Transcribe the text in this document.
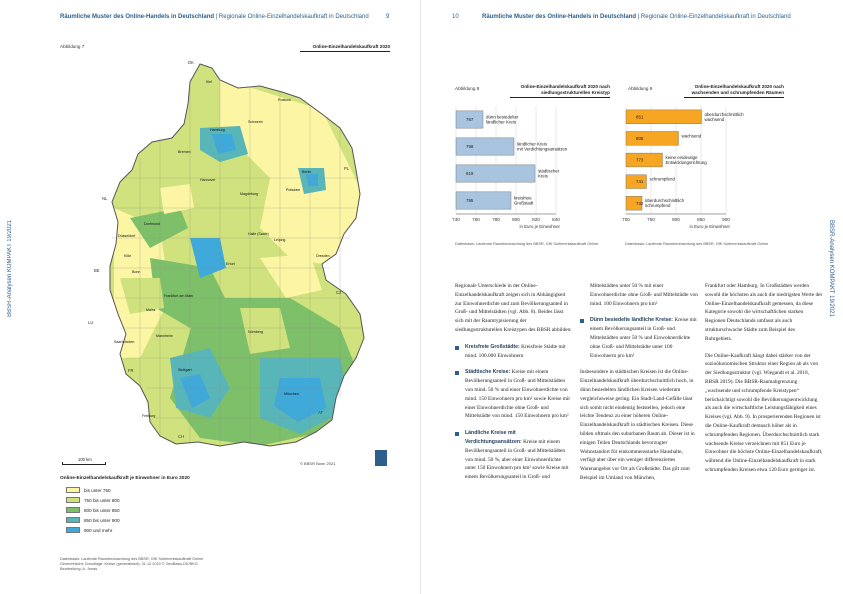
Räumliche Muster des Online-Handels in Deutschland | Regionale Online-Einzelhandelskaufkraft in Deutschland	9
BBSR-Analysen KOMPAKT 19/2021
Abbildung 7	Online-Einzelhandelskaufkraft 2020
DK
NL
BE
LU
FR
CH
AT
CZ
PL
Kiel
Rostock
Hamburg
Schwerin
Bremen
Berlin
Hannover
Potsdam
Magdeburg
Düsseldorf
Dortmund
Halle (Saale)
Leipzig
Dresden
Erfurt
Köln
Bonn
Frankfurt am Main
Mainz
Saarbrücken
Mannheim
Nürnberg
Stuttgart
München
Freiburg
100 km
© BBSR Bonn 2021
Online-Einzelhandelskaufkraft je Einwohner in Euro 2020
bis unter 750
750 bis unter 800
800 bis unter 850
850 bis unter 900
900 und mehr
Datenbasis: Laufende Raumbeobachtung des BBSR; GfK Sortimentskaufkraft Online
Geometrische Grundlage: Kreise (generalisiert), 31.12.2019 © GeoBasis-DE/BKG
Bearbeitung: A. Jonas
10	Räumliche Muster des Online-Handels in Deutschland | Regionale Online-Einzelhandelskaufkraft in Deutschland
BBSR-Analysen KOMPAKT 19/2021
Abbildung 8	Online-Einzelhandelskaufkraft 2020 nach siedlungsstrukturellen Kreistyp
740	760	780	800	820	840
767
dünn besiedelter ländlicher Kreis
798
ländlicher Kreis mit Verdichtungsansätzen
819
städtischer Kreis
795
kreisfreie Großstadt
in Euro je Einwohner
Datenbasis: Laufende Raumbeobachtung des BBSR, GfK Sortimentskaufkraft Online
Abbildung 9	Online-Einzelhandelskaufkraft 2020 nach wachsenden und schrumpfenden Räumen
700	750	800	850	900
851
überdurchschnittlich wachsend
805
wachsend
773
keine eindeutige Entwicklungsrichtung
741
schrumpfend
732
überdurchschnittlich schrumpfend
in Euro je Einwohner
Datenbasis: Laufende Raumbeobachtung des BBSR, GfK Sortimentskaufkraft Online

Regionale Unterschiede in der Online-Einzelhandelskaufkraft zeigen sich in Abhängigkeit zur Einwohnerdichte und zum Bevölkerungsanteil in Groß- und Mittelstädten (vgl. Abb. 8). Beides lässt sich mit der Raumtypisierung der siedlungsstrukturellen Kreistypen des BBSR abbilden:

Kreisfreie Großstädte: Kreisfreie Städte mit mind. 100.000 Einwohnern
Städtische Kreise: Kreise mit einem Bevölkerungsanteil in Groß- und Mittelstädten von mind. 50 % und einer Einwohnerdichte von mind. 150 Einwohnern pro km² sowie Kreise mit einer Einwohnerdichte ohne Groß- und Mittelstädte von mind. 150 Einwohnern pro km²
Ländliche Kreise mit Verdichtungsansätzen: Kreise mit einem Bevölkerungsanteil in Groß- und Mittelstädten von mind. 50 %, aber einer Einwohnerdichte unter 150 Einwohnern pro km² sowie Kreise mit einem Bevölkerungsanteil in Groß- und

Mittelstädten unter 50 % mit einer Einwohnerdichte ohne Groß- und Mittelstädte von mind. 100 Einwohnern pro km²

Dünn besiedelte ländliche Kreise: Kreise mit einem Bevölkerungsanteil in Groß- und Mittelstädten unter 50 % und Einwohnerdichte ohne Groß- und Mittelstädte unter 100 Einwohnern pro km²

Insbesondere in städtischen Kreisen ist die Online-Einzelhandelskaufkraft überdurchschnittlich hoch, in dünn besiedelten ländlichen Kreisen wiederum vergleichsweise gering. Ein Stadt-Land-Gefälle lässt sich somit nicht eindeutig feststellen, jedoch eine leichte Tendenz zu einer höheren Online-Einzelhandelskaufkraft in städtischen Kreisen. Diese bilden oftmals den suburbanen Raum ab. Dieser ist in einigen Teilen Deutschlands bevorzugter Wohnstandort für einkommensstarke Haushalte, verfügt aber über ein weniger differenziertes Warenangebot vor Ort als Großstädte. Das gilt zum Beispiel im Umland von München,

Frankfurt oder Hamburg. In Großstädten werden sowohl die höchsten als auch die niedrigsten Werte der Online-Einzelhandelskaufkraft gemessen, da diese Kategorie sowohl die wirtschaftlichen starken Regionen Deutschlands umfasst als auch strukturschwache Städte zum Beispiel des Ruhrgebiets.

Die Online-Kaufkraft hängt dabei stärker von der sozioökonomischen Struktur einer Region ab als von der Siedlungsstruktur (vgl. Wiegandt et al. 2018, BBSR 2019). Die BBSR-Raumabgrenzung „wachsende und schrumpfende Kreistypen“ berücksichtigt sowohl die Bevölkerungsentwicklung als auch die wirtschaftliche Leistungsfähigkeit eines Kreises (vgl. Abb. 9). In prosperierenden Regionen ist die Online-Kaufkraft demnach höher als in schrumpfenden Regionen. Überdurchschnittlich stark wachsende Kreise verzeichnen mit 851 Euro je Einwohner die höchste Online-Einzelhandelskaufkraft, während die Online-Einzelhandelskaufkraft in stark schrumpfenden Kreisen etwa 120 Euro geringer ist.
